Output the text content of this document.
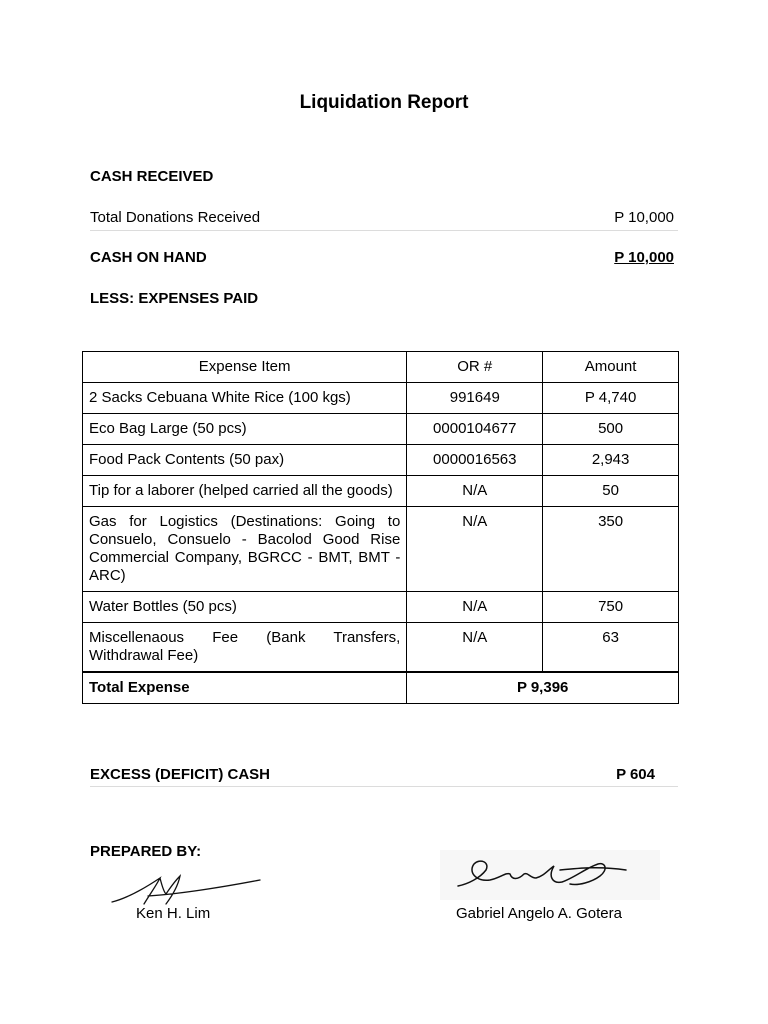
Liquidation Report
CASH RECEIVED
Total Donations Received	P 10,000
CASH ON HAND	P 10,000
LESS: EXPENSES PAID
Expense Item	OR #	Amount
2 Sacks Cebuana White Rice (100 kgs)	991649	P 4,740
Eco Bag Large (50 pcs)	0000104677	500
Food Pack Contents (50 pax)	0000016563	2,943
Tip for a laborer (helped carried all the goods)	N/A	50
Gas for Logistics (Destinations: Going to Consuelo, Consuelo - Bacolod Good Rise Commercial Company, BGRCC - BMT, BMT - ARC)	N/A	350
Water Bottles (50 pcs)	N/A	750
Miscellenaous Fee (Bank Transfers, Withdrawal Fee)	N/A	63
Total Expense	P 9,396	
EXCESS (DEFICIT) CASH	P 604
PREPARED BY:
Ken H. Lim	Gabriel Angelo A. Gotera
